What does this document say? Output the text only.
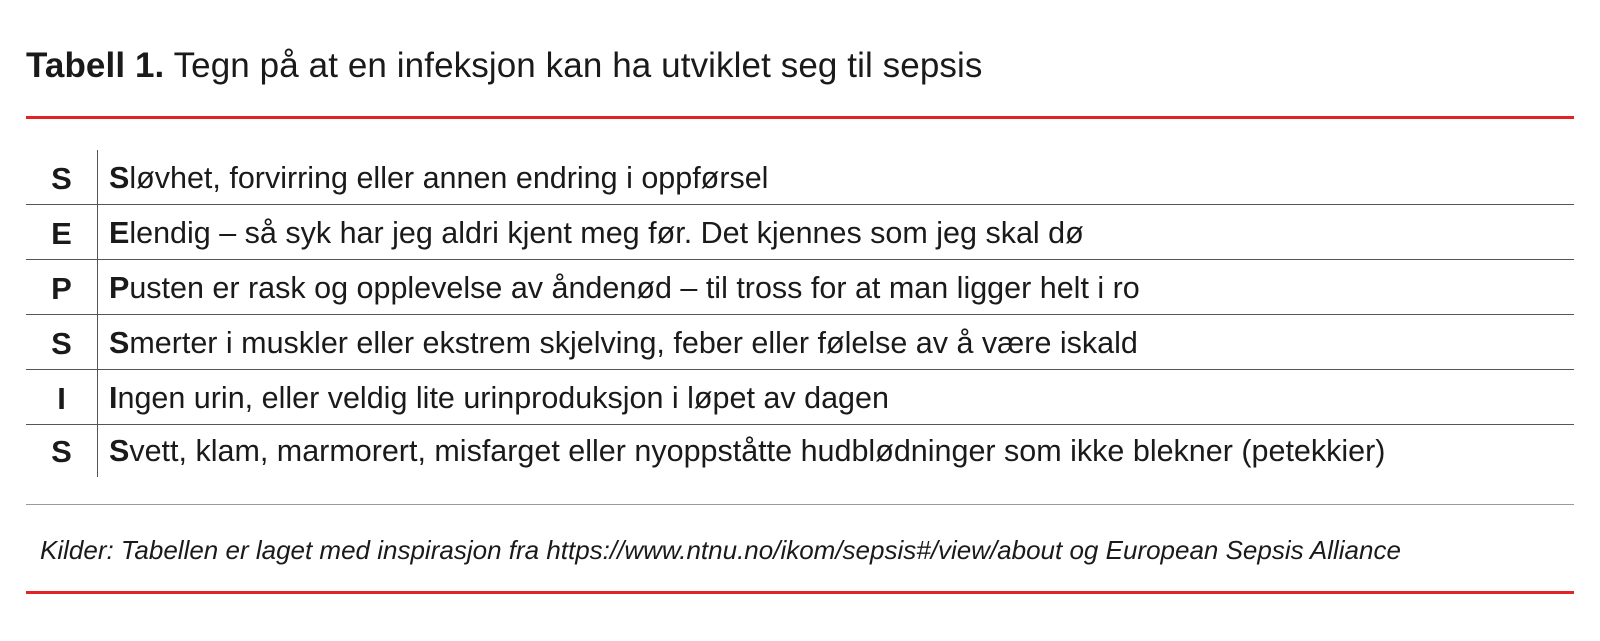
Tabell 1. Tegn på at en infeksjon kan ha utviklet seg til sepsis
S	S løvhet, forvirring eller annen endring i oppførsel
E	E lendig – så syk har jeg aldri kjent meg før. Det kjennes som jeg skal dø
P	P usten er rask og opplevelse av åndenød – til tross for at man ligger helt i ro
S	S merter i muskler eller ekstrem skjelving, feber eller følelse av å være iskald
I	I ngen urin, eller veldig lite urinproduksjon i løpet av dagen
S	S vett, klam, marmorert, misfarget eller nyoppståtte hudblødninger som ikke blekner (petekkier)
Kilder: Tabellen er laget med inspirasjon fra https://www.ntnu.no/ikom/sepsis#/view/about og European Sepsis Alliance
